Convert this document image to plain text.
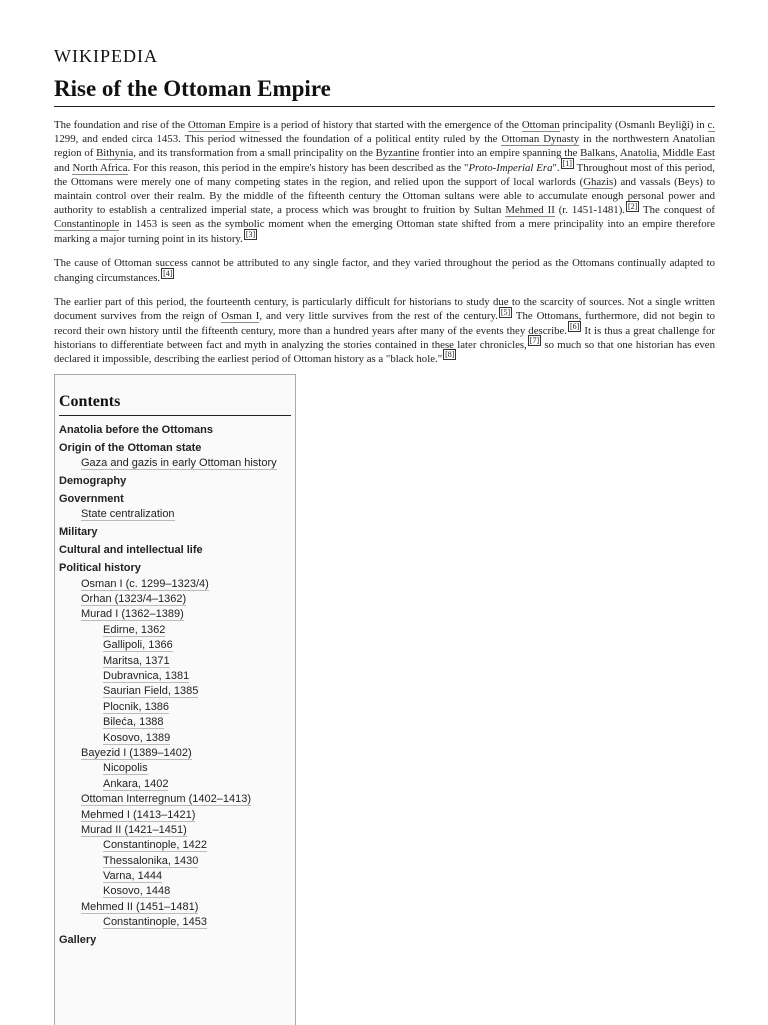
WIKIPEDIA
Rise of the Ottoman Empire

The foundation and rise of the Ottoman Empire is a period of history that started with the emergence of the Ottoman principality (Osmanlı Beyliği) in c. 1299, and ended circa 1453. This period witnessed the foundation of a political entity ruled by the Ottoman Dynasty in the northwestern Anatolian region of Bithynia, and its transformation from a small principality on the Byzantine frontier into an empire spanning the Balkans, Anatolia, Middle East and North Africa. For this reason, this period in the empire's history has been described as the "Proto-Imperial Era". [1] Throughout most of this period, the Ottomans were merely one of many competing states in the region, and relied upon the support of local warlords (Ghazis) and vassals (Beys) to maintain control over their realm. By the middle of the fifteenth century the Ottoman sultans were able to accumulate enough personal power and authority to establish a centralized imperial state, a process which was brought to fruition by Sultan Mehmed II (r. 1451-1481). [2] The conquest of Constantinople in 1453 is seen as the symbolic moment when the emerging Ottoman state shifted from a mere principality into an empire therefore marking a major turning point in its history. [3]

The cause of Ottoman success cannot be attributed to any single factor, and they varied throughout the period as the Ottomans continually adapted to changing circumstances. [4]

The earlier part of this period, the fourteenth century, is particularly difficult for historians to study due to the scarcity of sources. Not a single written document survives from the reign of Osman I, and very little survives from the rest of the century. [5] The Ottomans, furthermore, did not begin to record their own history until the fifteenth century, more than a hundred years after many of the events they describe. [6] It is thus a great challenge for historians to differentiate between fact and myth in analyzing the stories contained in these later chronicles, [7] so much so that one historian has even declared it impossible, describing the earliest period of Ottoman history as a "black hole." [8]

Contents
Anatolia before the Ottomans
Origin of the Ottoman state
Gaza and gazis in early Ottoman history
Demography
Government
State centralization
Military
Cultural and intellectual life
Political history
Osman I (c. 1299–1323/4)
Orhan (1323/4–1362)
Murad I (1362–1389)
Edirne, 1362
Gallipoli, 1366
Maritsa, 1371
Dubravnica, 1381
Saurian Field, 1385
Plocnik, 1386
Bileća, 1388
Kosovo, 1389
Bayezid I (1389–1402)
Nicopolis
Ankara, 1402
Ottoman Interregnum (1402–1413)
Mehmed I (1413–1421)
Murad II (1421–1451)
Constantinople, 1422
Thessalonika, 1430
Varna, 1444
Kosovo, 1448
Mehmed II (1451–1481)
Constantinople, 1453
Gallery
